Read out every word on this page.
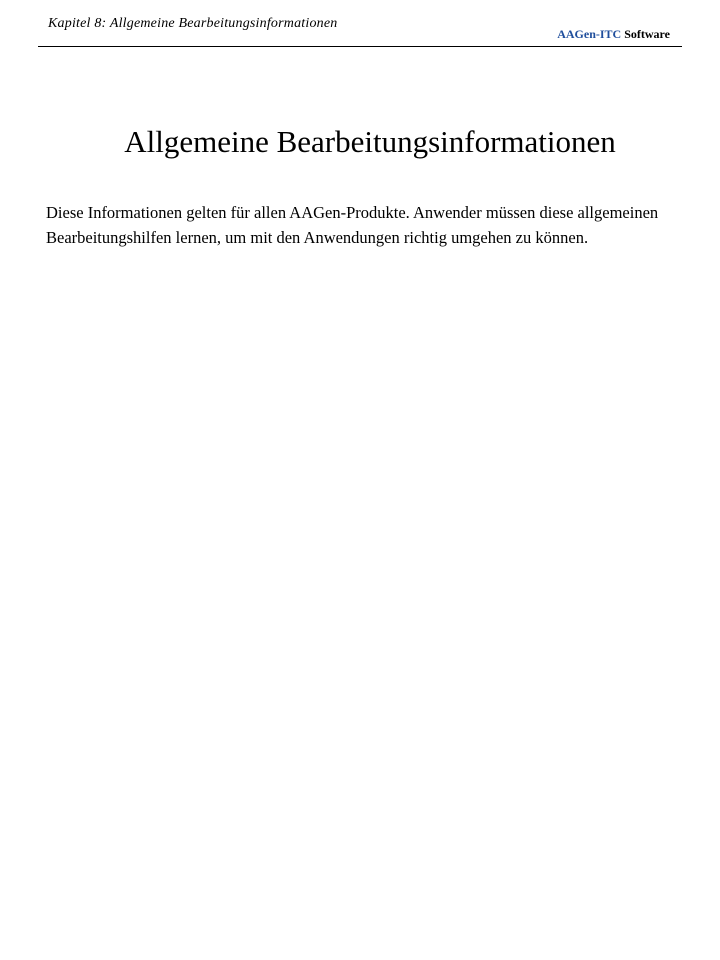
Kapitel 8: Allgemeine Bearbeitungsinformationen
AAGen-ITC Software
Allgemeine Bearbeitungsinformationen

Diese Informationen gelten für allen AAGen-Produkte. Anwender müssen diese allgemeinen Bearbeitungshilfen lernen, um mit den Anwendungen richtig umgehen zu können.
